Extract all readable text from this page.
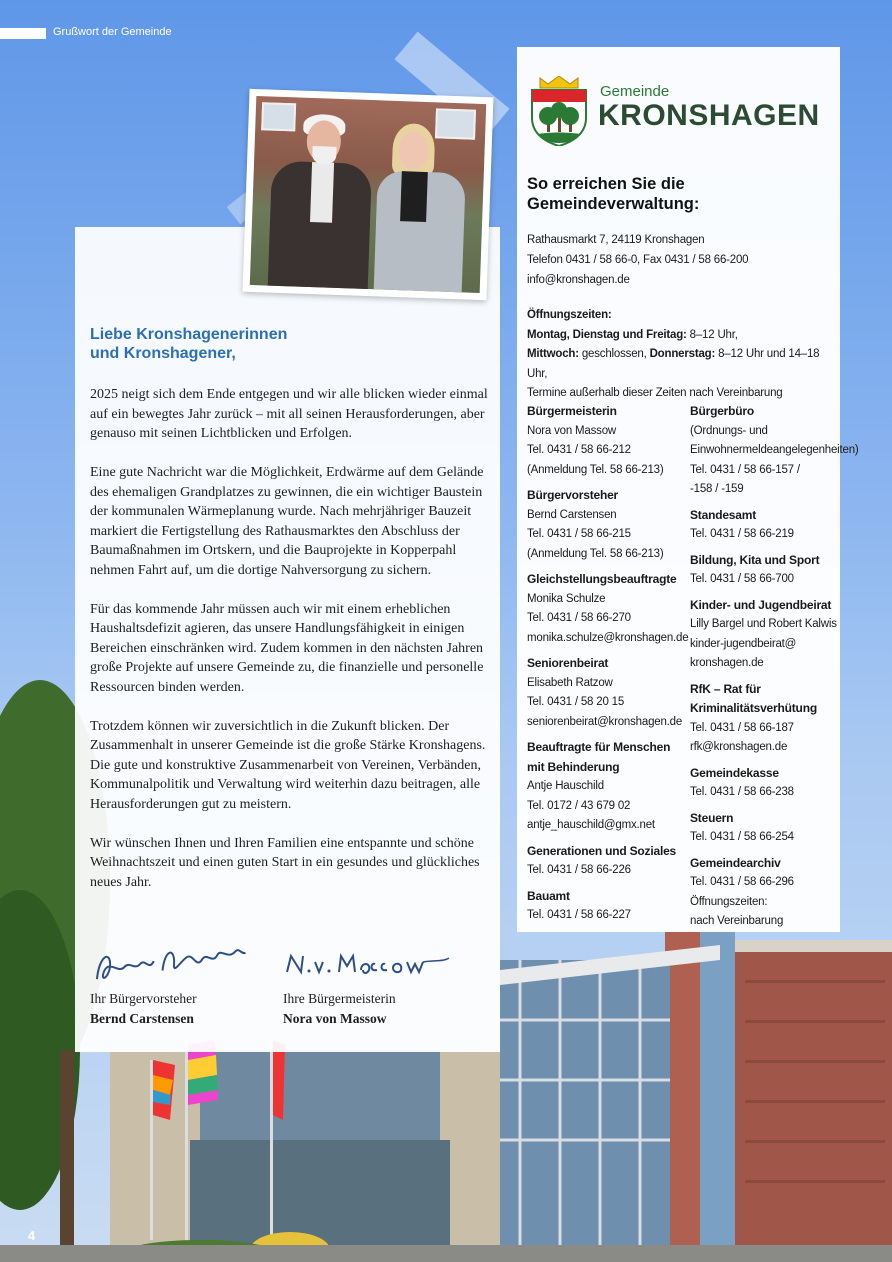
Grußwort der Gemeinde
Liebe Kronshagenerinnen
und Kronshagener,

2025 neigt sich dem Ende entgegen und wir alle blicken wieder einmal auf ein bewegtes Jahr zurück – mit all seinen Herausforderungen, aber genauso mit seinen Lichtblicken und Erfolgen.

Eine gute Nachricht war die Möglichkeit, Erdwärme auf dem Gelände des ehemaligen Grandplatzes zu gewinnen, die ein wichtiger Baustein der kommunalen Wärmeplanung wurde. Nach mehrjähriger Bauzeit markiert die Fertigstellung des Rathausmarktes den Abschluss der Baumaßnahmen im Ortskern, und die Bauprojekte in Kopperpahl nehmen Fahrt auf, um die dortige Nahversorgung zu sichern.

Für das kommende Jahr müssen auch wir mit einem erheblichen Haushaltsdefizit agieren, das unsere Handlungsfähigkeit in einigen Bereichen einschränken wird. Zudem kommen in den nächsten Jahren große Projekte auf unsere Gemeinde zu, die finanzielle und personelle Ressourcen binden werden.

Trotzdem können wir zuversichtlich in die Zukunft blicken. Der Zusammenhalt in unserer Gemeinde ist die große Stärke Kronshagens. Die gute und konstruktive Zusammenarbeit von Vereinen, Verbänden, Kommunalpolitik und Verwaltung wird weiterhin dazu beitragen, alle Herausforderungen gut zu meistern.

Wir wünschen Ihnen und Ihren Familien eine entspannte und schöne Weihnachtszeit und einen guten Start in ein gesundes und glückliches neues Jahr.

Ihr Bürgervorsteher
Bernd Carstensen
Ihre Bürgermeisterin
Nora von Massow
Gemeinde
KRONSHAGEN
So erreichen Sie die
Gemeindeverwaltung:
Rathausmarkt 7, 24119 Kronshagen
Telefon 0431 / 58 66-0, Fax 0431 / 58 66-200
info@kronshagen.de
Öffnungszeiten:
Montag, Dienstag und Freitag: 8–12 Uhr,
Mittwoch: geschlossen, Donnerstag: 8–12 Uhr und 14–18 Uhr,
Termine außerhalb dieser Zeiten nach Vereinbarung
Bürgermeisterin
Nora von Massow
Tel. 0431 / 58 66-212
(Anmeldung Tel. 58 66-213)
Bürgervorsteher
Bernd Carstensen
Tel. 0431 / 58 66-215
(Anmeldung Tel. 58 66-213)
Gleichstellungsbeauftragte
Monika Schulze
Tel. 0431 / 58 66-270
monika.schulze@kronshagen.de
Seniorenbeirat
Elisabeth Ratzow
Tel. 0431 / 58 20 15
seniorenbeirat@kronshagen.de
Beauftragte für Menschen mit Behinderung
Antje Hauschild
Tel. 0172 / 43 679 02
antje_hauschild@gmx.net
Generationen und Soziales
Tel. 0431 / 58 66-226
Bauamt
Tel. 0431 / 58 66-227
Bürgerbüro
(Ordnungs- und Einwohnermeldeangelegenheiten)
Tel. 0431 / 58 66-157 /
-158 / -159
Standesamt
Tel. 0431 / 58 66-219
Bildung, Kita und Sport
Tel. 0431 / 58 66-700
Kinder- und Jugendbeirat
Lilly Bargel und Robert Kalwis
kinder-jugendbeirat@
kronshagen.de
RfK – Rat für Kriminalitätsverhütung
Tel. 0431 / 58 66-187
rfk@kronshagen.de
Gemeindekasse
Tel. 0431 / 58 66-238
Steuern
Tel. 0431 / 58 66-254
Gemeindearchiv
Tel. 0431 / 58 66-296
Öffnungszeiten:
nach Vereinbarung
4
